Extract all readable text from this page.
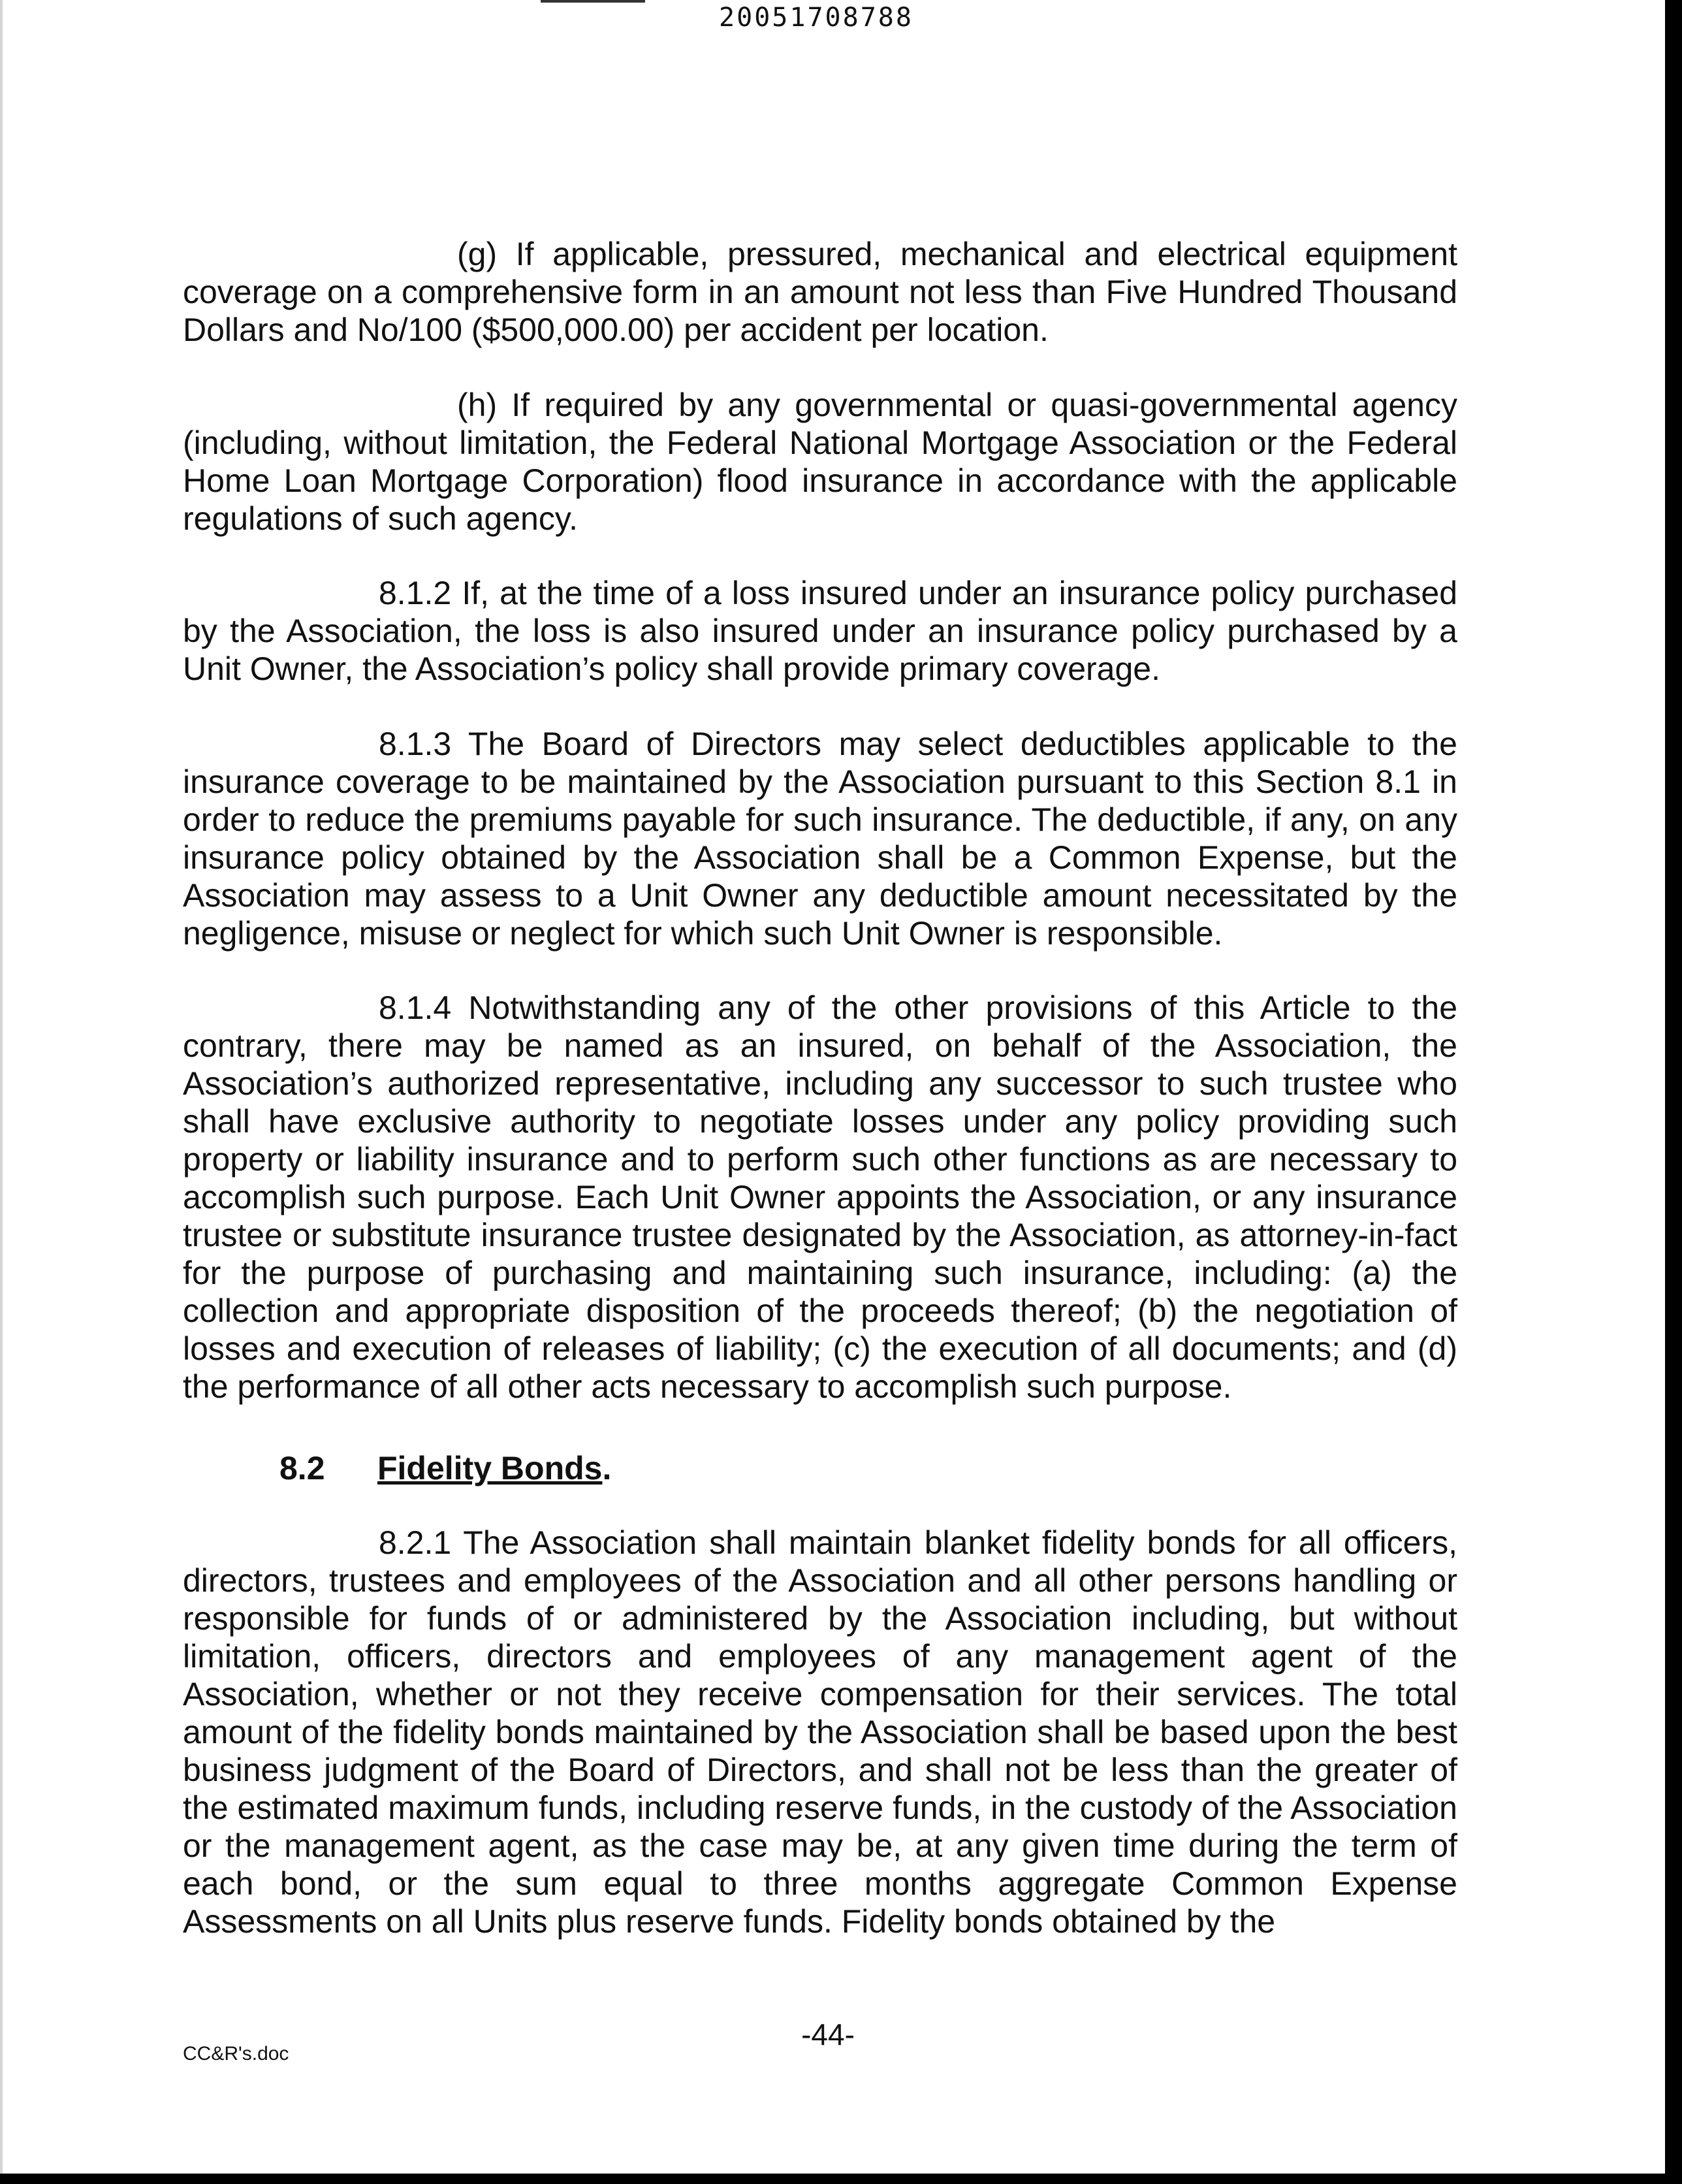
20051708788
(g) If applicable, pressured, mechanical and electrical equipment coverage on a comprehensive form in an amount not less than Five Hundred Thousand Dollars and No/100 ($500,000.00) per accident per location.
(h) If required by any governmental or quasi-governmental agency (including, without limitation, the Federal National Mortgage Association or the Federal Home Loan Mortgage Corporation) flood insurance in accordance with the applicable regulations of such agency.
8.1.2 If, at the time of a loss insured under an insurance policy purchased by the Association, the loss is also insured under an insurance policy purchased by a Unit Owner, the Association’s policy shall provide primary coverage.
8.1.3 The Board of Directors may select deductibles applicable to the insurance coverage to be maintained by the Association pursuant to this Section 8.1 in order to reduce the premiums payable for such insurance. The deductible, if any, on any insurance policy obtained by the Association shall be a Common Expense, but the Association may assess to a Unit Owner any deductible amount necessitated by the negligence, misuse or neglect for which such Unit Owner is responsible.
8.1.4 Notwithstanding any of the other provisions of this Article to the contrary, there may be named as an insured, on behalf of the Association, the Association’s authorized representative, including any successor to such trustee who shall have exclusive authority to negotiate losses under any policy providing such property or liability insurance and to perform such other functions as are necessary to accomplish such purpose. Each Unit Owner appoints the Association, or any insurance trustee or substitute insurance trustee designated by the Association, as attorney-in-fact for the purpose of purchasing and maintaining such insurance, including: (a) the collection and appropriate disposition of the proceeds thereof; (b) the negotiation of losses and execution of releases of liability; (c) the execution of all documents; and (d) the performance of all other acts necessary to accomplish such purpose.
8.2 Fidelity Bonds.
8.2.1 The Association shall maintain blanket fidelity bonds for all officers, directors, trustees and employees of the Association and all other persons handling or responsible for funds of or administered by the Association including, but without limitation, officers, directors and employees of any management agent of the Association, whether or not they receive compensation for their services. The total amount of the fidelity bonds maintained by the Association shall be based upon the best business judgment of the Board of Directors, and shall not be less than the greater of the estimated maximum funds, including reserve funds, in the custody of the Association or the management agent, as the case may be, at any given time during the term of each bond, or the sum equal to three months aggregate Common Expense Assessments on all Units plus reserve funds. Fidelity bonds obtained by the
CC&R's.doc
-44-
